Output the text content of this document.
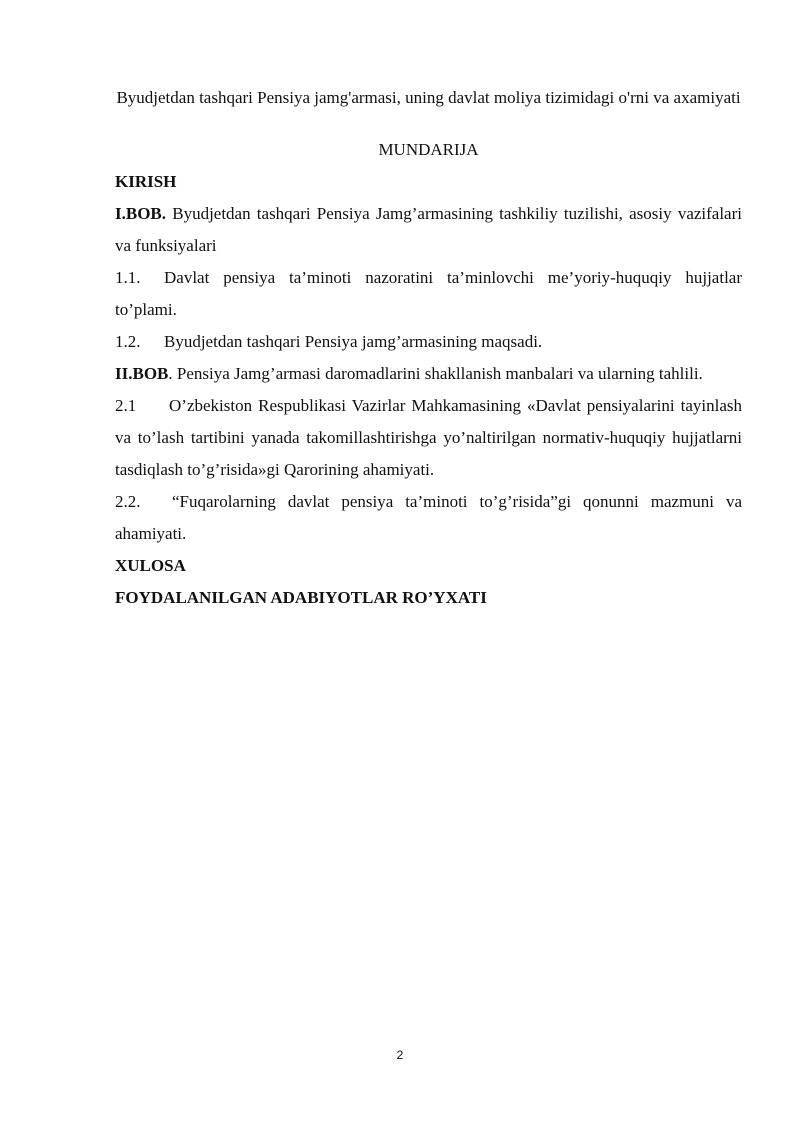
Byudjetdan tashqari Pensiya jamg'armasi, uning davlat moliya tizimidagi o'rni va axamiyati

MUNDARIJA

KIRISH

I.BOB. Byudjetdan tashqari Pensiya Jamg’armasining tashkiliy tuzilishi, asosiy vazifalari va funksiyalari

1.1. Davlat pensiya ta’minoti nazoratini ta’minlovchi me’yoriy-huquqiy hujjatlar to’plami.

1.2. Byudjetdan tashqari Pensiya jamg’armasining maqsadi.

II.BOB. Pensiya Jamg’armasi daromadlarini shakllanish manbalari va ularning tahlili.

2.1 O’zbekiston Respublikasi Vazirlar Mahkamasining «Davlat pensiyalarini tayinlash va to’lash tartibini yanada takomillashtirishga yo’naltirilgan normativ-huquqiy hujjatlarni tasdiqlash to’g’risida»gi Qarorining ahamiyati.

2.2. “Fuqarolarning davlat pensiya ta’minoti to’g’risida”gi qonunni mazmuni va ahamiyati.

XULOSA

FOYDALANILGAN ADABIYOTLAR RO’YXATI

2
